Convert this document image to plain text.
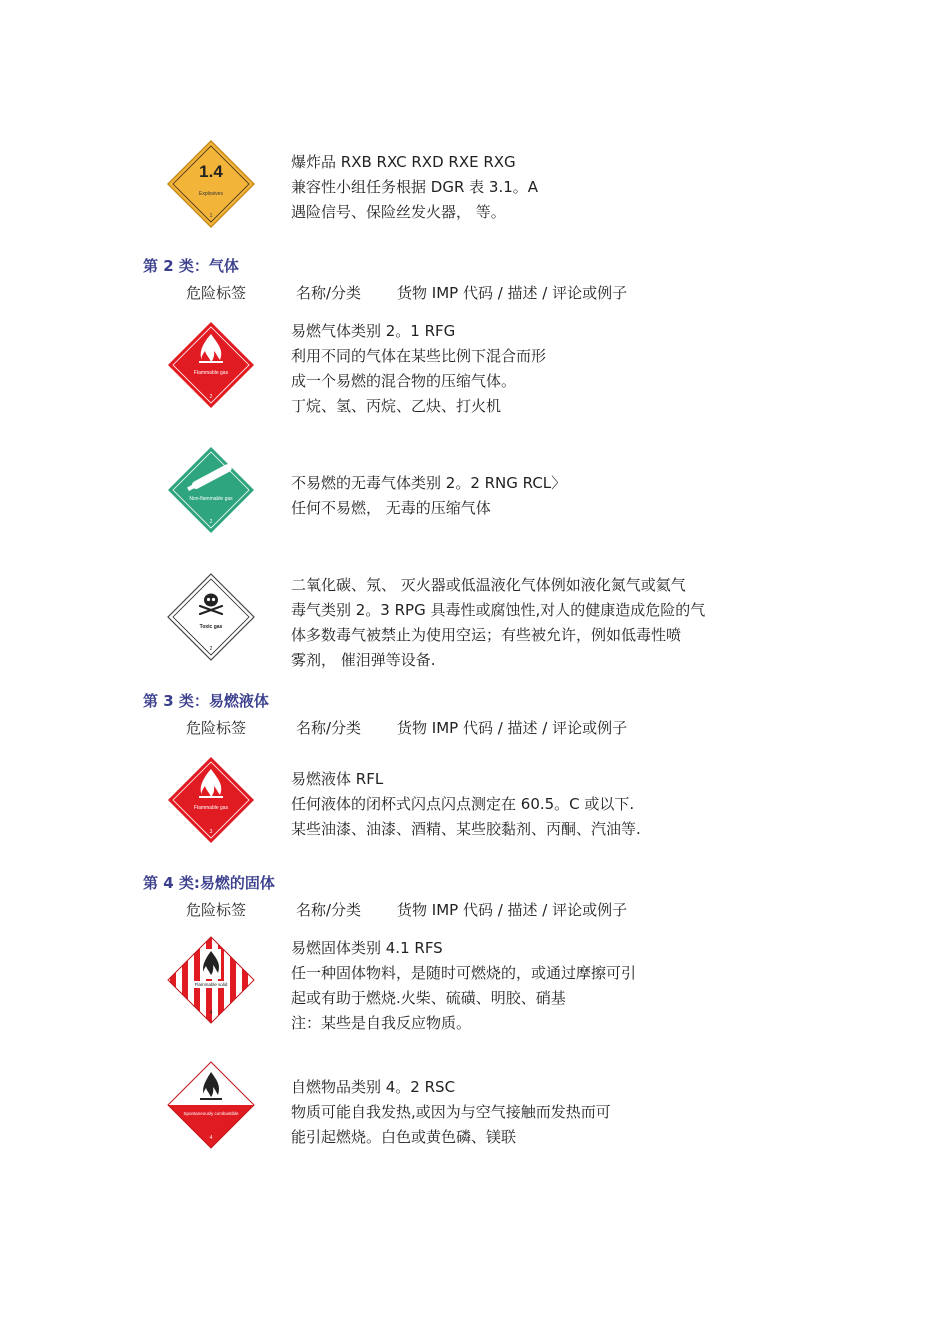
1.4
Explosives
1
爆炸品 RXB RXC RXD RXE RXG
兼容性小组任务根据 DGR 表 3.1。A
遇险信号、保险丝发火器， 等。
第 2 类：气体
危险标签	名称/分类 货物 IMP 代码 / 描述 / 评论或例子
Flammable gas
2
易燃气体类别 2。1 RFG
利用不同的气体在某些比例下混合而形
成一个易燃的混合物的压缩气体。
丁烷、氢、丙烷、乙炔、打火机
Non-flammable gas
2
不易燃的无毒气体类别 2。2 RNG RCL〉
任何不易燃， 无毒的压缩气体
Toxic gas
2
二氧化碳、氖、 灭火器或低温液化气体例如液化氮气或氦气
毒气类别 2。3 RPG 具毒性或腐蚀性,对人的健康造成危险的气
体多数毒气被禁止为使用空运；有些被允许，例如低毒性喷
雾剂， 催泪弹等设备.
第 3 类：易燃液体
危险标签	名称/分类 货物 IMP 代码 / 描述 / 评论或例子
Flammable gas
3
易燃液体 RFL
任何液体的闭杯式闪点闪点测定在 60.5。C 或以下.
某些油漆、油漆、酒精、某些胶黏剂、丙酮、汽油等.
第 4 类:易燃的固体
危险标签	名称/分类 货物 IMP 代码 / 描述 / 评论或例子
Flammable solid
4
易燃固体类别 4.1 RFS
任一种固体物料，是随时可燃烧的，或通过摩擦可引
起或有助于燃烧.火柴、硫磺、明胶、硝基
注：某些是自我反应物质。
Spontaneously combustible
4
自燃物品类别 4。2 RSC
物质可能自我发热,或因为与空气接触而发热而可
能引起燃烧。白色或黄色磷、镁联
